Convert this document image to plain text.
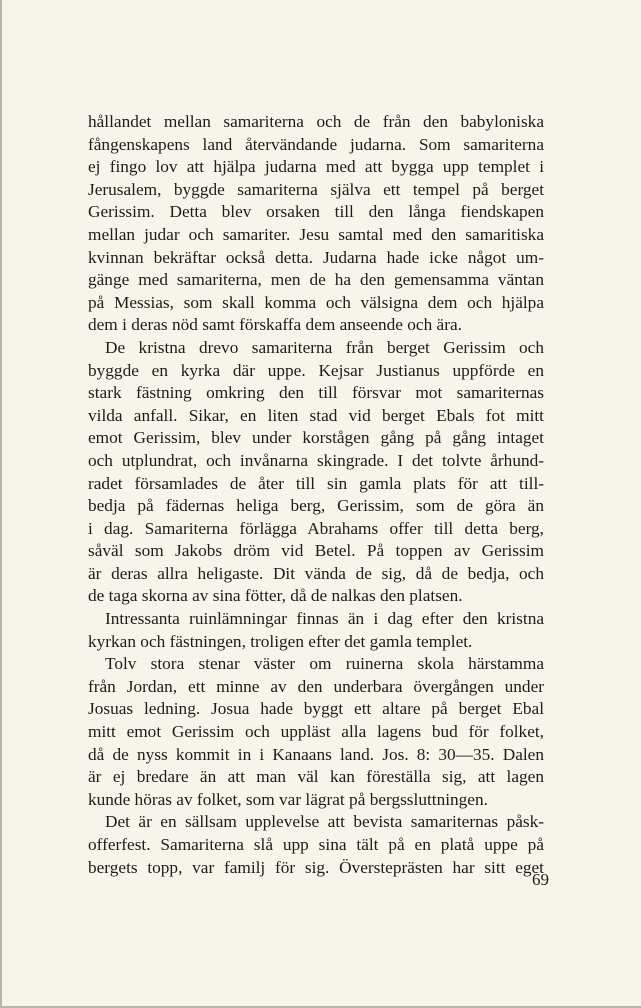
hållandet mellan samariterna och de från den babyloniska
fångenskapens land återvändande judarna. Som samariterna
ej fingo lov att hjälpa judarna med att bygga upp templet i
Jerusalem, byggde samariterna själva ett tempel på berget
Gerissim. Detta blev orsaken till den långa fiendskapen
mellan judar och samariter. Jesu samtal med den samaritiska
kvinnan bekräftar också detta. Judarna hade icke något um-
gänge med samariterna, men de ha den gemensamma väntan
på Messias, som skall komma och välsigna dem och hjälpa
dem i deras nöd samt förskaffa dem anseende och ära.
De kristna drevo samariterna från berget Gerissim och
byggde en kyrka där uppe. Kejsar Justianus uppförde en
stark fästning omkring den till försvar mot samariternas
vilda anfall. Sikar, en liten stad vid berget Ebals fot mitt
emot Gerissim, blev under korstågen gång på gång intaget
och utplundrat, och invånarna skingrade. I det tolvte århund-
radet församlades de åter till sin gamla plats för att till-
bedja på fädernas heliga berg, Gerissim, som de göra än
i dag. Samariterna förlägga Abrahams offer till detta berg,
såväl som Jakobs dröm vid Betel. På toppen av Gerissim
är deras allra heligaste. Dit vända de sig, då de bedja, och
de taga skorna av sina fötter, då de nalkas den platsen.
Intressanta ruinlämningar finnas än i dag efter den kristna
kyrkan och fästningen, troligen efter det gamla templet.
Tolv stora stenar väster om ruinerna skola härstamma
från Jordan, ett minne av den underbara övergången under
Josuas ledning. Josua hade byggt ett altare på berget Ebal
mitt emot Gerissim och uppläst alla lagens bud för folket,
då de nyss kommit in i Kanaans land. Jos. 8: 30—35. Dalen
är ej bredare än att man väl kan föreställa sig, att lagen
kunde höras av folket, som var lägrat på bergssluttningen.
Det är en sällsam upplevelse att bevista samariternas påsk-
offerfest. Samariterna slå upp sina tält på en platå uppe på
bergets topp, var familj för sig. Översteprästen har sitt eget
69
